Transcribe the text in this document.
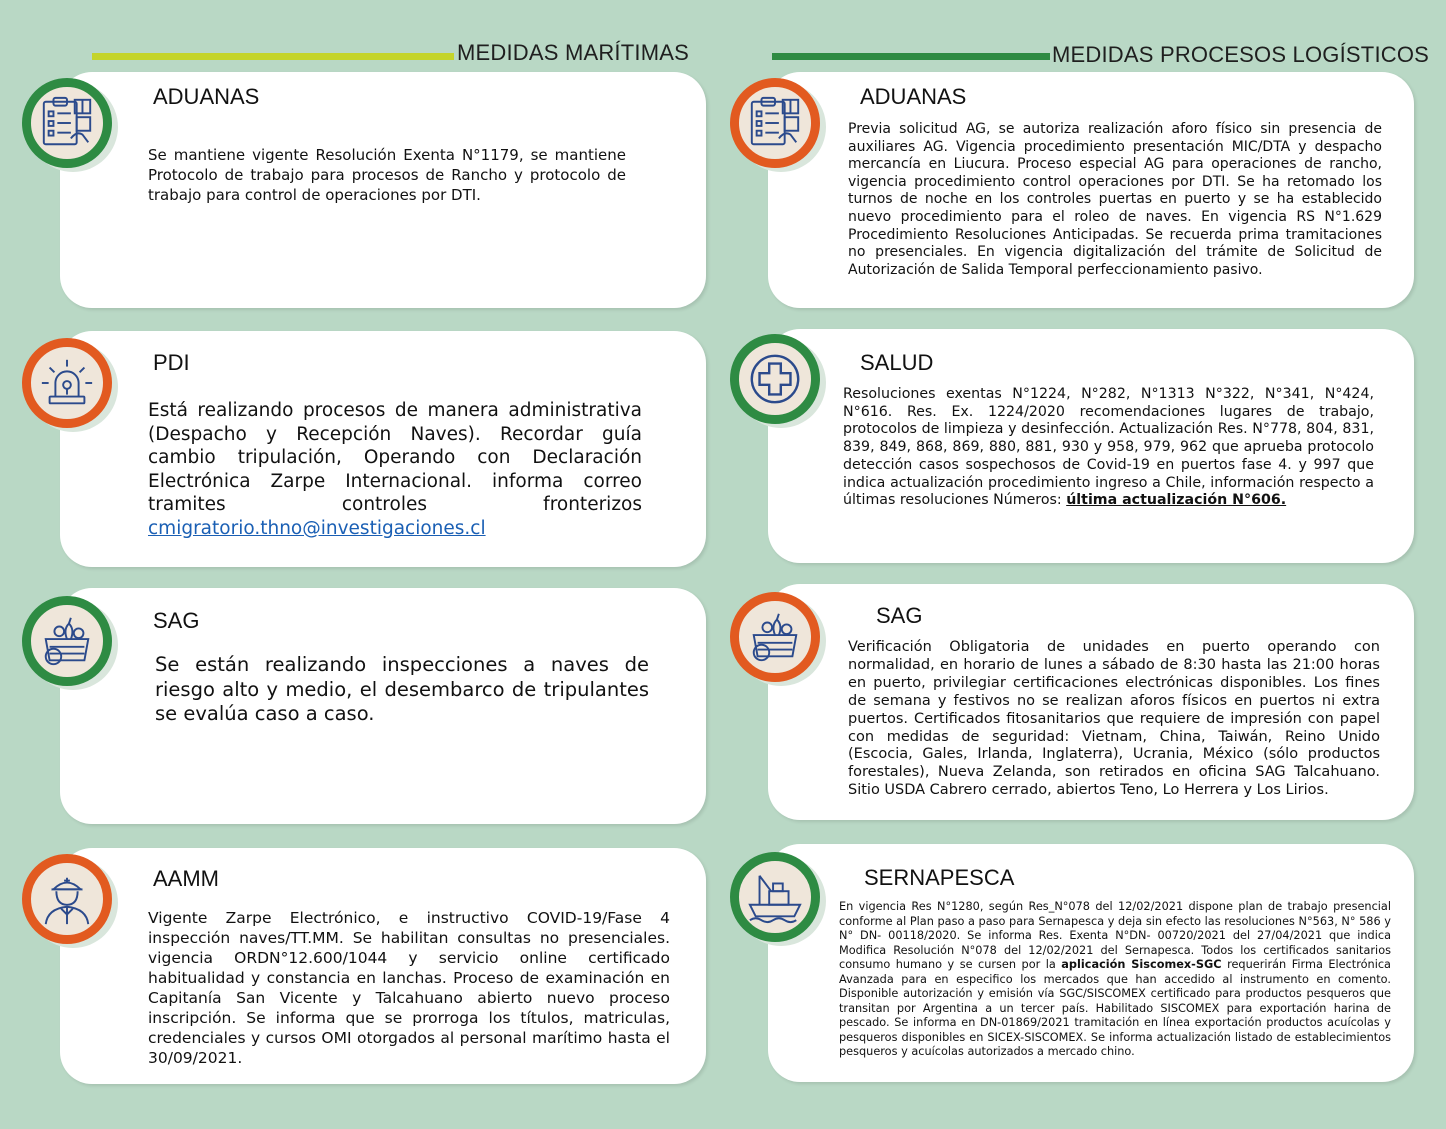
MEDIDAS MARÍTIMAS	MEDIDAS PROCESOS LOGÍSTICOS
ADUANAS

Se mantiene vigente Resolución Exenta N°1179, se mantiene Protocolo de trabajo para procesos de Rancho y protocolo de trabajo para control de operaciones por DTI.

PDI

Está realizando procesos de manera administrativa (Despacho y Recepción Naves). Recordar guía cambio tripulación, Operando con Declaración Electrónica Zarpe Internacional. informa correo tramites controles fronterizos cmigratorio.thno@investigaciones.cl

SAG

Se están realizando inspecciones a naves de riesgo alto y medio, el desembarco de tripulantes se evalúa caso a caso.

AAMM

Vigente Zarpe Electrónico, e instructivo COVID-19/Fase 4 inspección naves/TT.MM. Se habilitan consultas no presenciales. vigencia ORDN°12.600/1044 y servicio online certificado habitualidad y constancia en lanchas. Proceso de examinación en Capitanía San Vicente y Talcahuano abierto nuevo proceso inscripción. Se informa que se prorroga los títulos, matriculas, credenciales y cursos OMI otorgados al personal marítimo hasta el 30/09/2021.

ADUANAS

Previa solicitud AG, se autoriza realización aforo físico sin presencia de auxiliares AG. Vigencia procedimiento presentación MIC/DTA y despacho mercancía en Liucura. Proceso especial AG para operaciones de rancho, vigencia procedimiento control operaciones por DTI. Se ha retomado los turnos de noche en los controles puertas en puerto y se ha establecido nuevo procedimiento para el roleo de naves. En vigencia RS N°1.629 Procedimiento Resoluciones Anticipadas. Se recuerda prima tramitaciones no presenciales. En vigencia digitalización del trámite de Solicitud de Autorización de Salida Temporal perfeccionamiento pasivo.

SALUD

Resoluciones exentas N°1224, N°282, N°1313 N°322, N°341, N°424, N°616. Res. Ex. 1224/2020 recomendaciones lugares de trabajo, protocolos de limpieza y desinfección. Actualización Res. N°778, 804, 831, 839, 849, 868, 869, 880, 881, 930 y 958, 979, 962 que aprueba protocolo detección casos sospechosos de Covid-19 en puertos fase 4. y 997 que indica actualización procedimiento ingreso a Chile, información respecto a últimas resoluciones Números: última actualización N°606.

SAG

Verificación Obligatoria de unidades en puerto operando con normalidad, en horario de lunes a sábado de 8:30 hasta las 21:00 horas en puerto, privilegiar certificaciones electrónicas disponibles. Los fines de semana y festivos no se realizan aforos físicos en puertos ni extra puertos. Certificados fitosanitarios que requiere de impresión con papel con medidas de seguridad: Vietnam, China, Taiwán, Reino Unido (Escocia, Gales, Irlanda, Inglaterra), Ucrania, México (sólo productos forestales), Nueva Zelanda, son retirados en oficina SAG Talcahuano. Sitio USDA Cabrero cerrado, abiertos Teno, Lo Herrera y Los Lirios.

SERNAPESCA

En vigencia Res N°1280, según Res_N°078 del 12/02/2021 dispone plan de trabajo presencial conforme al Plan paso a paso para Sernapesca y deja sin efecto las resoluciones N°563, N° 586 y N° DN- 00118/2020. Se informa Res. Exenta N°DN- 00720/2021 del 27/04/2021 que indica Modifica Resolución N°078 del 12/02/2021 del Sernapesca. Todos los certificados sanitarios consumo humano y se cursen por la aplicación Siscomex-SGC requerirán Firma Electrónica Avanzada para en especifico los mercados que han accedido al instrumento en comento. Disponible autorización y emisión vía SGC/SISCOMEX certificado para productos pesqueros que transitan por Argentina a un tercer país. Habilitado SISCOMEX para exportación harina de pescado. Se informa en DN-01869/2021 tramitación en línea exportación productos acuícolas y pesqueros disponibles en SICEX-SISCOMEX. Se informa actualización listado de establecimientos pesqueros y acuícolas autorizados a mercado chino.
